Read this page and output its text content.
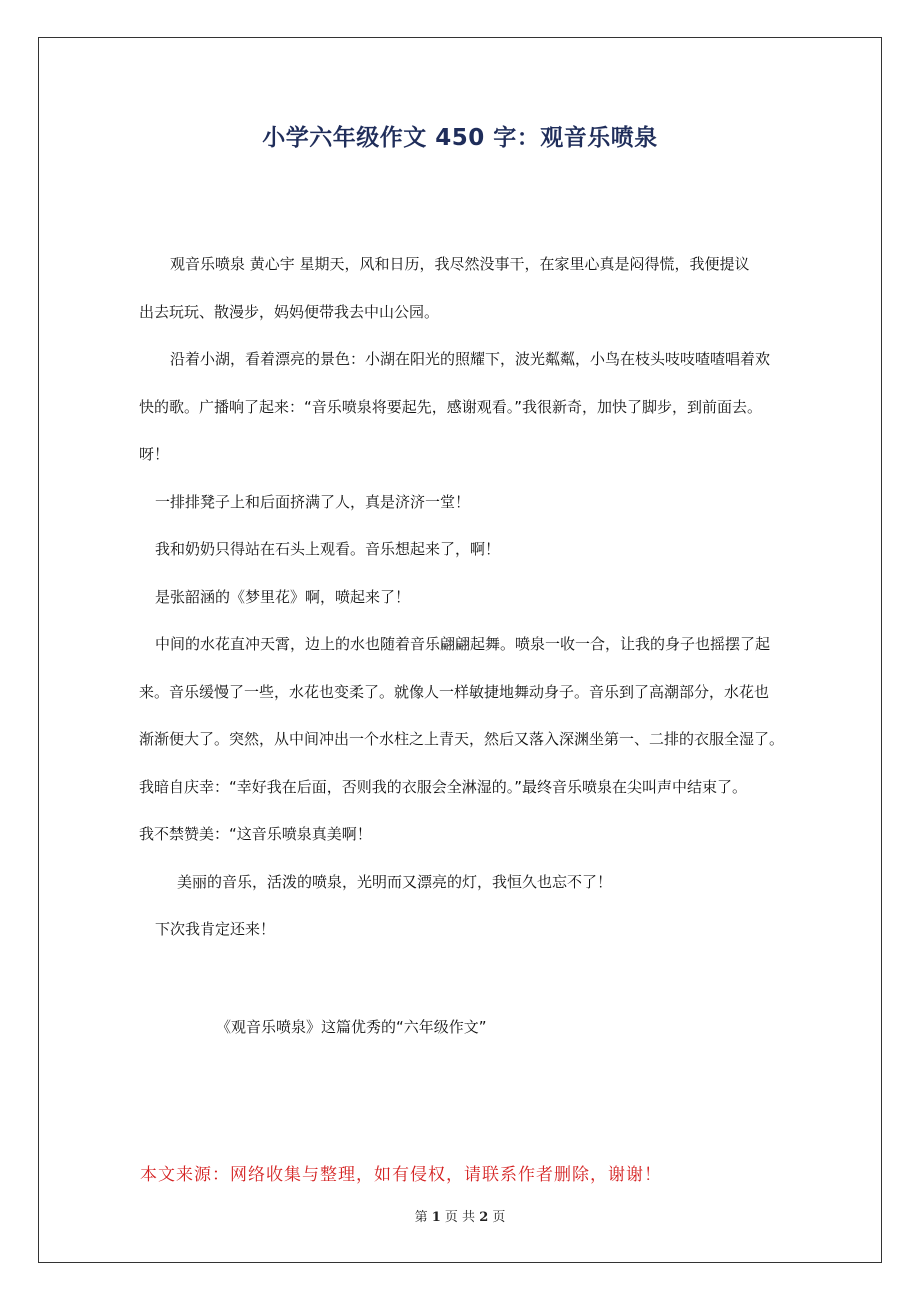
小学六年级作文 450 字：观音乐喷泉
观音乐喷泉 黄心宇 星期天，风和日历，我尽然没事干，在家里心真是闷得慌，我便提议
出去玩玩、散漫步，妈妈便带我去中山公园。
沿着小湖，看着漂亮的景色：小湖在阳光的照耀下，波光粼粼，小鸟在枝头吱吱喳喳唱着欢
快的歌。广播响了起来：“音乐喷泉将要起先，感谢观看。”我很新奇，加快了脚步，到前面去。
呀！
一排排凳子上和后面挤满了人，真是济济一堂！
我和奶奶只得站在石头上观看。音乐想起来了，啊！
是张韶涵的《梦里花》啊，喷起来了！
中间的水花直冲天霄，边上的水也随着音乐翩翩起舞。喷泉一收一合，让我的身子也摇摆了起
来。音乐缓慢了一些，水花也变柔了。就像人一样敏捷地舞动身子。音乐到了高潮部分，水花也
渐渐便大了。突然，从中间冲出一个水柱之上青天，然后又落入深渊坐第一、二排的衣服全湿了。
我暗自庆幸：“幸好我在后面，否则我的衣服会全淋湿的。”最终音乐喷泉在尖叫声中结束了。
我不禁赞美：“这音乐喷泉真美啊！
美丽的音乐，活泼的喷泉，光明而又漂亮的灯，我恒久也忘不了！
下次我肯定还来！
《观音乐喷泉》这篇优秀的“六年级作文”
本文来源：网络收集与整理，如有侵权，请联系作者删除，谢谢！
第 1 页 共 2 页
